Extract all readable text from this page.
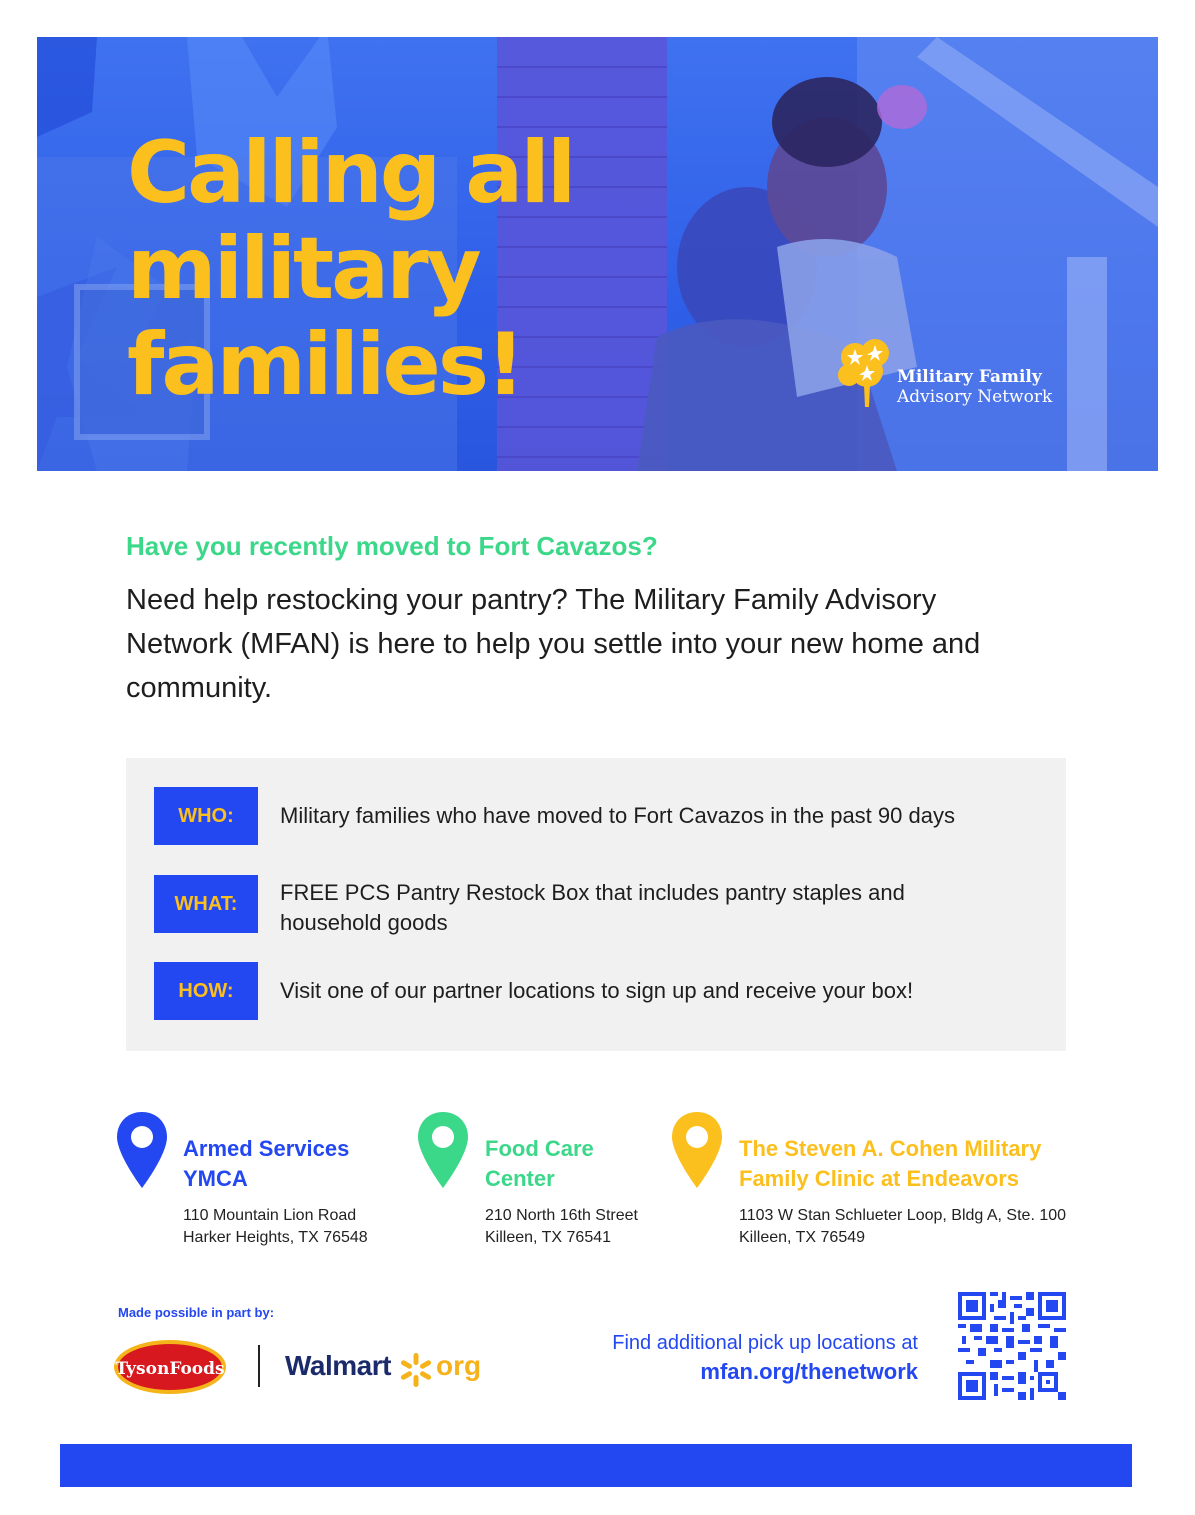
Calling all
military
families!	Military Family
Advisory Network
Have you recently moved to Fort Cavazos?

Need help restocking your pantry? The Military Family Advisory Network (MFAN) is here to help you settle into your new home and community.

WHO:	Military families who have moved to Fort Cavazos in the past 90 days
WHAT:	FREE PCS Pantry Restock Box that includes pantry staples and household goods
HOW:	Visit one of our partner locations to sign up and receive your box!
Armed Services
YMCA
110 Mountain Lion Road
Harker Heights, TX 76548
Food Care
Center
210 North 16th Street
Killeen, TX 76541
The Steven A. Cohen Military
Family Clinic at Endeavors
1103 W Stan Schlueter Loop, Bldg A, Ste. 100
Killeen, TX 76549
Made possible in part by:
TysonFoods Walmart org
Find additional pick up locations at
mfan.org/thenetwork
